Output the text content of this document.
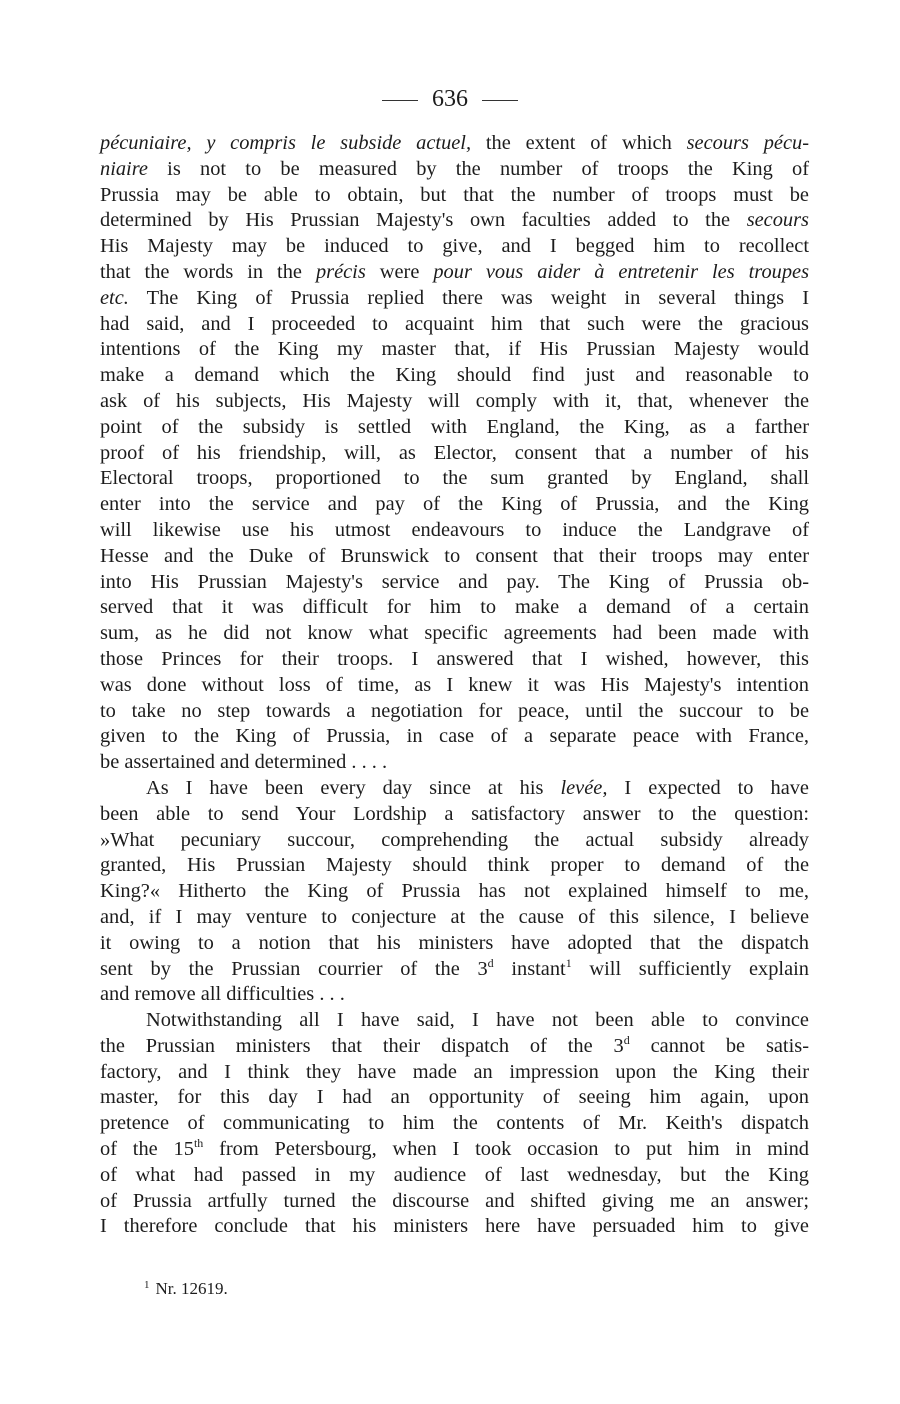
636
pécuniaire, y compris le subside actuel, the extent of which secours pécu-
niaire is not to be measured by the number of troops the King of
Prussia may be able to obtain, but that the number of troops must be
determined by His Prussian Majesty's own faculties added to the secours
His Majesty may be induced to give, and I begged him to recollect
that the words in the précis were pour vous aider à entretenir les troupes
etc. The King of Prussia replied there was weight in several things I
had said, and I proceeded to acquaint him that such were the gracious
intentions of the King my master that, if His Prussian Majesty would
make a demand which the King should find just and reasonable to
ask of his subjects, His Majesty will comply with it, that, whenever the
point of the subsidy is settled with England, the King, as a farther
proof of his friendship, will, as Elector, consent that a number of his
Electoral troops, proportioned to the sum granted by England, shall
enter into the service and pay of the King of Prussia, and the King
will likewise use his utmost endeavours to induce the Landgrave of
Hesse and the Duke of Brunswick to consent that their troops may enter
into His Prussian Majesty's service and pay. The King of Prussia ob-
served that it was difficult for him to make a demand of a certain
sum, as he did not know what specific agreements had been made with
those Princes for their troops. I answered that I wished, however, this
was done without loss of time, as I knew it was His Majesty's intention
to take no step towards a negotiation for peace, until the succour to be
given to the King of Prussia, in case of a separate peace with France,
be assertained and determined . . . .
As I have been every day since at his levée, I expected to have
been able to send Your Lordship a satisfactory answer to the question:
»What pecuniary succour, comprehending the actual subsidy already
granted, His Prussian Majesty should think proper to demand of the
King?« Hitherto the King of Prussia has not explained himself to me,
and, if I may venture to conjecture at the cause of this silence, I believe
it owing to a notion that his ministers have adopted that the dispatch
sent by the Prussian courrier of the 3$^d$ instant$^1$ will sufficiently explain
and remove all difficulties . . .
Notwithstanding all I have said, I have not been able to convince
the Prussian ministers that their dispatch of the 3$^d$ cannot be satis-
factory, and I think they have made an impression upon the King their
master, for this day I had an opportunity of seeing him again, upon
pretence of communicating to him the contents of Mr. Keith's dispatch
of the 15th from Petersbourg, when I took occasion to put him in mind
of what had passed in my audience of last wednesday, but the King
of Prussia artfully turned the discourse and shifted giving me an answer;
I therefore conclude that his ministers here have persuaded him to give
$^1$ Nr. 12619.
